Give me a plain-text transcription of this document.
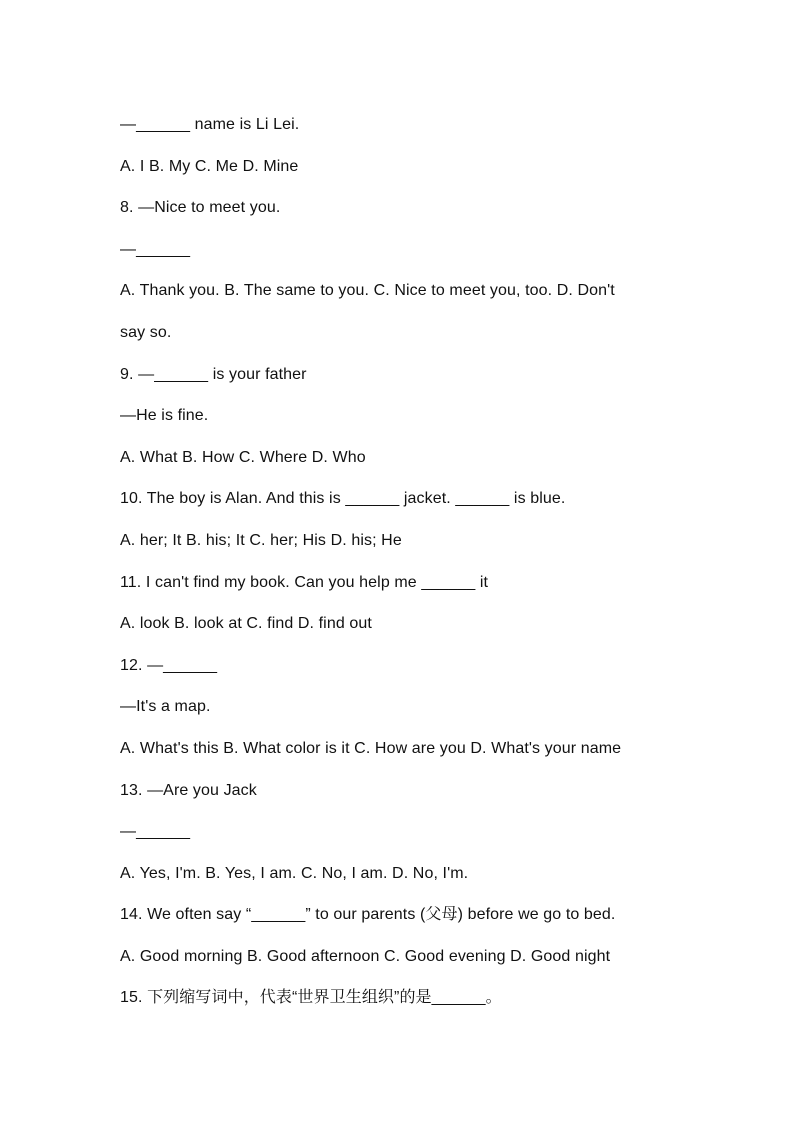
—______ name is Li Lei.
A. I B. My C. Me D. Mine
8. —Nice to meet you.
—______
A. Thank you. B. The same to you. C. Nice to meet you, too. D. Don't
say so.
9. —______ is your father
—He is fine.
A. What B. How C. Where D. Who
10. The boy is Alan. And this is ______ jacket. ______ is blue.
A. her; It B. his; It C. her; His D. his; He
11. I can't find my book. Can you help me ______ it
A. look B. look at C. find D. find out
12. —______
—It's a map.
A. What's this B. What color is it C. How are you D. What's your name
13. —Are you Jack
—______
A. Yes, I'm. B. Yes, I am. C. No, I am. D. No, I'm.
14. We often say “______” to our parents (父母) before we go to bed.
A. Good morning B. Good afternoon C. Good evening D. Good night
15. 下列缩写词中，代表“世界卫生组织”的是______。
